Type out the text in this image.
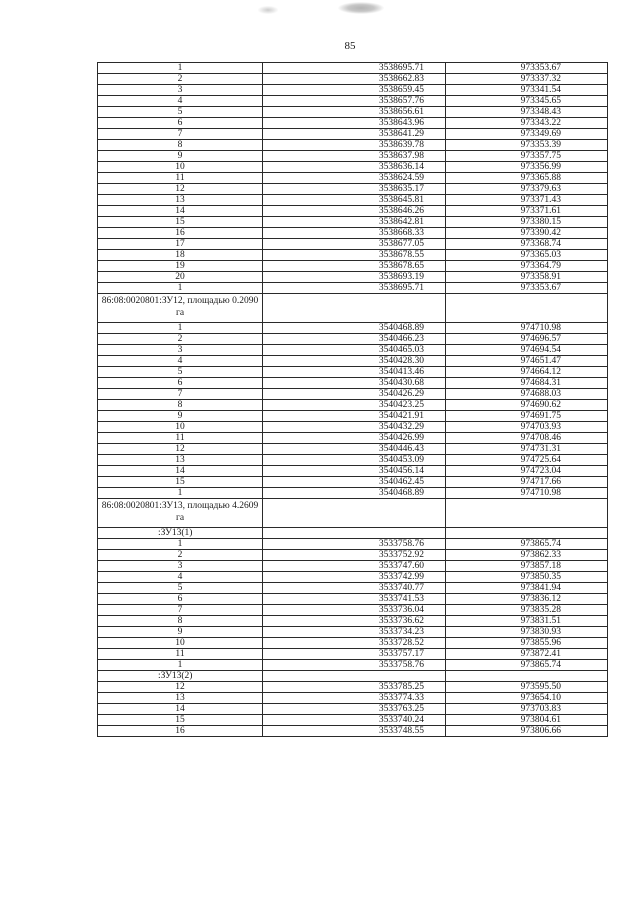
85
1	3538695.71	973353.67
2	3538662.83	973337.32
3	3538659.45	973341.54
4	3538657.76	973345.65
5	3538656.61	973348.43
6	3538643.96	973343.22
7	3538641.29	973349.69
8	3538639.78	973353.39
9	3538637.98	973357.75
10	3538636.14	973356.99
11	3538624.59	973365.88
12	3538635.17	973379.63
13	3538645.81	973371.43
14	3538646.26	973371.61
15	3538642.81	973380.15
16	3538668.33	973390.42
17	3538677.05	973368.74
18	3538678.55	973365.03
19	3538678.65	973364.79
20	3538693.19	973358.91
1	3538695.71	973353.67
86:08:0020801:ЗУ12, площадью 0.2090 га		
1	3540468.89	974710.98
2	3540466.23	974696.57
3	3540465.03	974694.54
4	3540428.30	974651.47
5	3540413.46	974664.12
6	3540430.68	974684.31
7	3540426.29	974688.03
8	3540423.25	974690.62
9	3540421.91	974691.75
10	3540432.29	974703.93
11	3540426.99	974708.46
12	3540446.43	974731.31
13	3540453.09	974725.64
14	3540456.14	974723.04
15	3540462.45	974717.66
1	3540468.89	974710.98
86:08:0020801:ЗУ13, площадью 4.2609 га		
:ЗУ13(1)		
1	3533758.76	973865.74
2	3533752.92	973862.33
3	3533747.60	973857.18
4	3533742.99	973850.35
5	3533740.77	973841.94
6	3533741.53	973836.12
7	3533736.04	973835.28
8	3533736.62	973831.51
9	3533734.23	973830.93
10	3533728.52	973855.96
11	3533757.17	973872.41
1	3533758.76	973865.74
:ЗУ13(2)		
12	3533785.25	973595.50
13	3533774.33	973654.10
14	3533763.25	973703.83
15	3533740.24	973804.61
16	3533748.55	973806.66
